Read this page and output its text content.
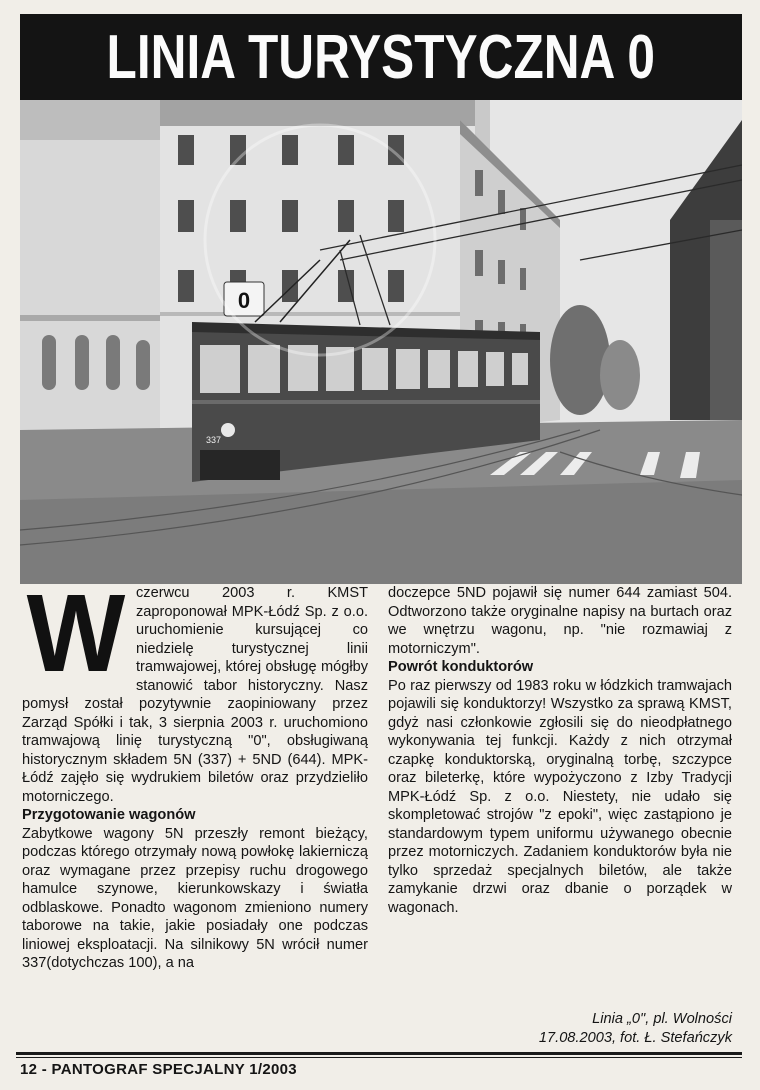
LINIA TURYSTYCZNA 0
0
337
W czerwcu 2003 r. KMST zaproponował MPK-Łódź Sp. z o.o. uruchomienie kursującej co niedzielę turystycznej linii tramwajowej, której obsługę mógłby stanowić tabor historyczny. Nasz pomysł został pozytywnie zaopiniowany przez Zarząd Spółki i tak, 3 sierpnia 2003 r. uruchomiono tramwajową linię turystyczną "0", obsługiwaną historycznym składem 5N (337) + 5ND (644). MPK-Łódź zajęło się wydrukiem biletów oraz przydzieliło motorniczego.

Przygotowanie wagonów

Zabytkowe wagony 5N przeszły remont bieżący, podczas którego otrzymały nową powłokę lakierniczą oraz wymagane przez przepisy ruchu drogowego hamulce szynowe, kierunkowskazy i światła odblaskowe. Ponadto wagonom zmieniono numery taborowe na takie, jakie posiadały one podczas liniowej eksploatacji. Na silnikowy 5N wrócił numer 337(dotychczas 100), a na

doczepce 5ND pojawił się numer 644 zamiast 504. Odtworzono także oryginalne napisy na burtach oraz we wnętrzu wagonu, np. "nie rozmawiaj z motorniczym".

Powrót konduktorów

Po raz pierwszy od 1983 roku w łódzkich tramwajach pojawili się konduktorzy! Wszystko za sprawą KMST, gdyż nasi członkowie zgłosili się do nieodpłatnego wykonywania tej funkcji. Każdy z nich otrzymał czapkę konduktorską, oryginalną torbę, szczypce oraz bileterkę, które wypożyczono z Izby Tradycji MPK-Łódź Sp. z o.o. Niestety, nie udało się skompletować strojów "z epoki", więc zastąpiono je standardowym typem uniformu używanego obecnie przez motorniczych. Zadaniem konduktorów była nie tylko sprzedaż specjalnych biletów, ale także zamykanie drzwi oraz dbanie o porządek w wagonach.

Linia „0", pl. Wolności
17.08.2003, fot. Ł. Stefańczyk
12 - PANTOGRAF SPECJALNY 1/2003
